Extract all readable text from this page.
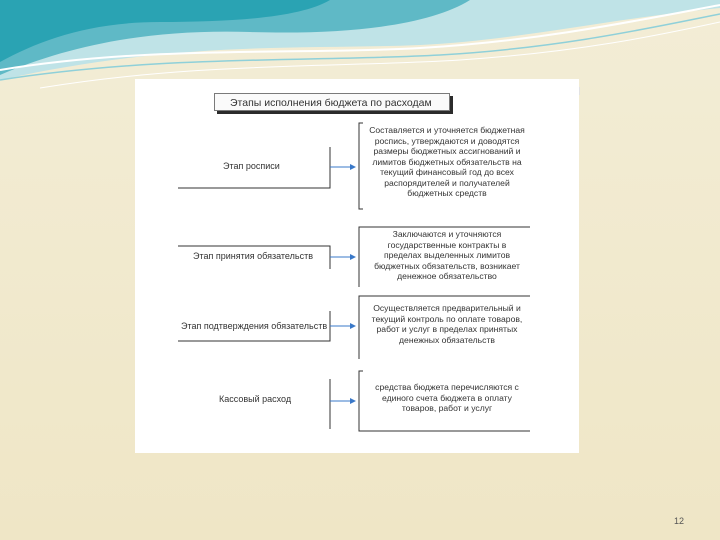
Этапы исполнения бюджета по расходам
Этап росписи
Этап принятия обязательств
Этап подтверждения обязательств
Кассовый расход
Составляется и уточняется бюджетная
роспись, утверждаются и доводятся
размеры бюджетных ассигнований и
лимитов бюджетных обязательств на
текущий финансовый год до всех
распорядителей и получателей
бюджетных средств
Заключаются и уточняются
государственные контракты в
пределах выделенных лимитов
бюджетных обязательств, возникает
денежное обязательство
Осуществляется предварительный и
текущий контроль по оплате товаров,
работ и услуг в пределах принятых
денежных обязательств
средства бюджета перечисляются с
единого счета бюджета в оплату
товаров, работ и услуг
12
